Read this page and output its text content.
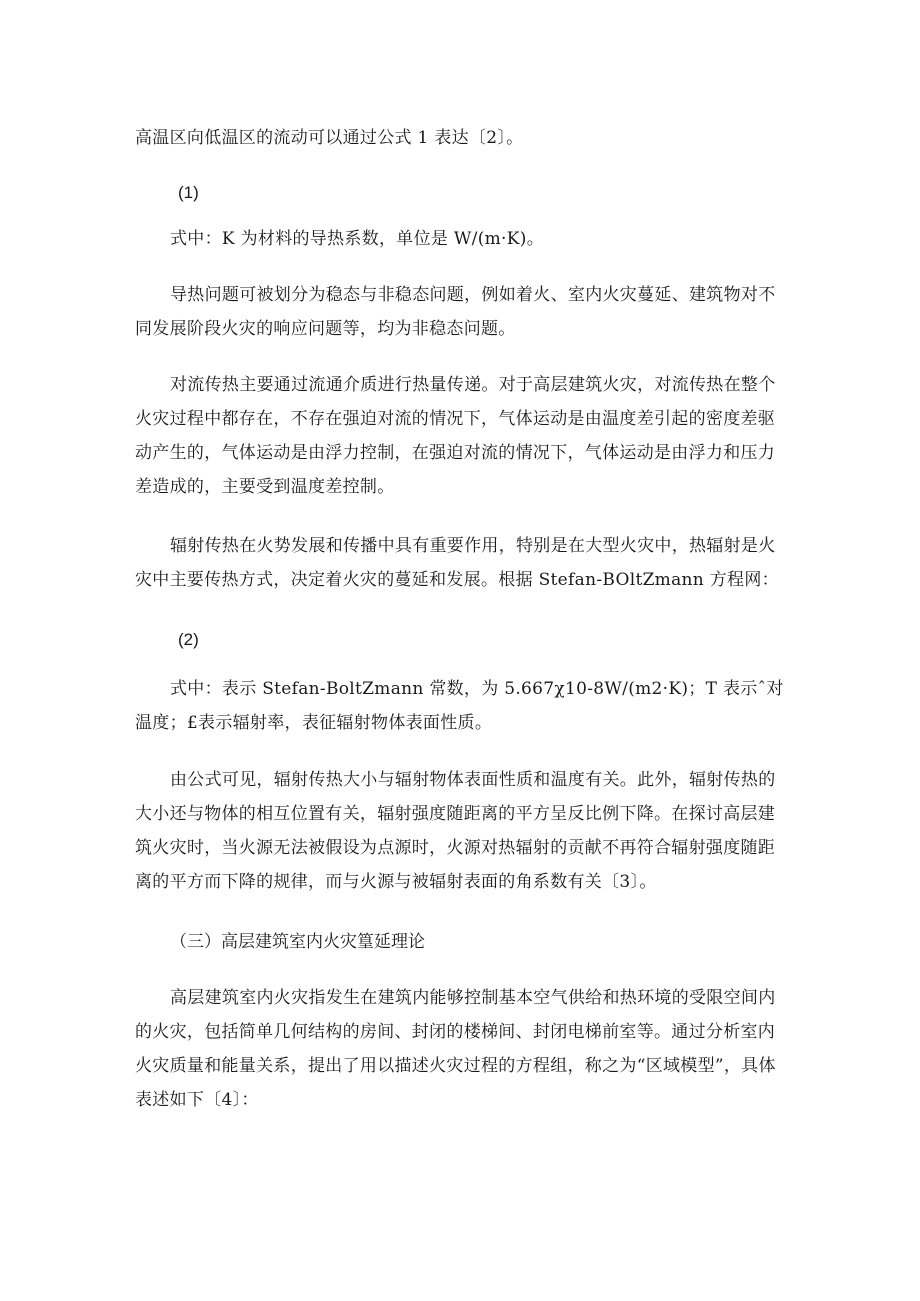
高温区向低温区的流动可以通过公式 1 表达〔2〕。

(1)

式中：K 为材料的导热系数，单位是 W/(m·K)。

导热问题可被划分为稳态与非稳态问题，例如着火、室内火灾蔓延、建筑物对不同发展阶段火灾的响应问题等，均为非稳态问题。

对流传热主要通过流通介质进行热量传递。对于高层建筑火灾，对流传热在整个火灾过程中都存在，不存在强迫对流的情况下，气体运动是由温度差引起的密度差驱动产生的，气体运动是由浮力控制，在强迫对流的情况下，气体运动是由浮力和压力差造成的，主要受到温度差控制。

辐射传热在火势发展和传播中具有重要作用，特别是在大型火灾中，热辐射是火灾中主要传热方式，决定着火灾的蔓延和发展。根据 Stefan-BOltZmann 方程网：

(2)

式中：表示 Stefan-BoltZmann 常数，为 5.667χ10-8W/(m2·K)；T 表示ˆ对温度；£表示辐射率，表征辐射物体表面性质。

由公式可见，辐射传热大小与辐射物体表面性质和温度有关。此外，辐射传热的大小还与物体的相互位置有关，辐射强度随距离的平方呈反比例下降。在探讨高层建筑火灾时，当火源无法被假设为点源时，火源对热辐射的贡献不再符合辐射强度随距离的平方而下降的规律，而与火源与被辐射表面的角系数有关〔3〕。

（三）高层建筑室内火灾篁延理论

高层建筑室内火灾指发生在建筑内能够控制基本空气供给和热环境的受限空间内的火灾，包括简单几何结构的房间、封闭的楼梯间、封闭电梯前室等。通过分析室内火灾质量和能量关系，提出了用以描述火灾过程的方程组，称之为“区域模型”，具体表述如下〔4〕：
